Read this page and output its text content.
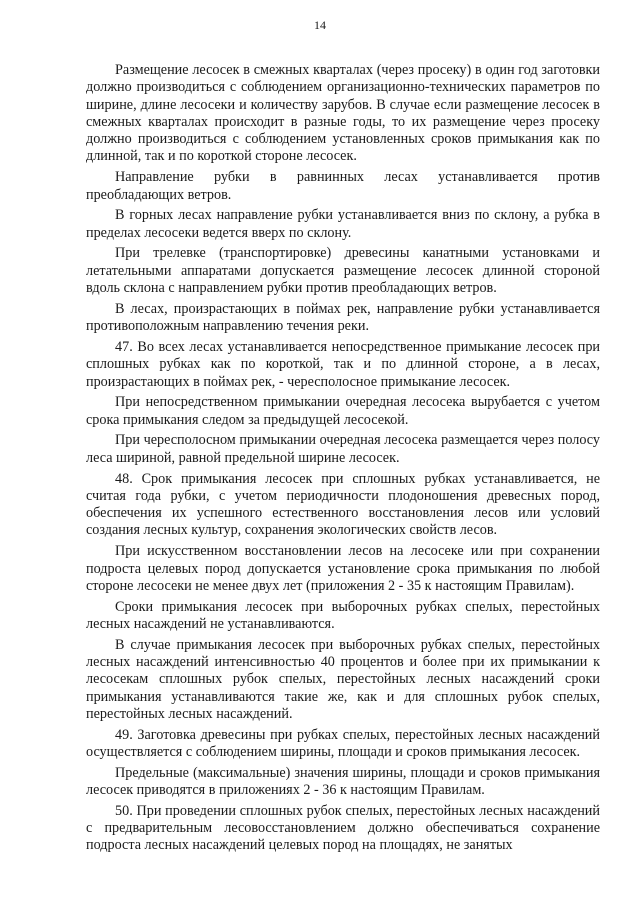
14

Размещение лесосек в смежных кварталах (через просеку) в один год заготовки должно производиться с соблюдением организационно-технических параметров по ширине, длине лесосеки и количеству зарубов. В случае если размещение лесосек в смежных кварталах происходит в разные годы, то их размещение через просеку должно производиться с соблюдением установленных сроков примыкания как по длинной, так и по короткой стороне лесосек.

Направление рубки в равнинных лесах устанавливается против преобладающих ветров.

В горных лесах направление рубки устанавливается вниз по склону, а рубка в пределах лесосеки ведется вверх по склону.

При трелевке (транспортировке) древесины канатными установками и летательными аппаратами допускается размещение лесосек длинной стороной вдоль склона с направлением рубки против преобладающих ветров.

В лесах, произрастающих в поймах рек, направление рубки устанавливается противоположным направлению течения реки.

47. Во всех лесах устанавливается непосредственное примыкание лесосек при сплошных рубках как по короткой, так и по длинной стороне, а в лесах, произрастающих в поймах рек, - чересполосное примыкание лесосек.

При непосредственном примыкании очередная лесосека вырубается с учетом срока примыкания следом за предыдущей лесосекой.

При чересполосном примыкании очередная лесосека размещается через полосу леса шириной, равной предельной ширине лесосек.

48. Срок примыкания лесосек при сплошных рубках устанавливается, не считая года рубки, с учетом периодичности плодоношения древесных пород, обеспечения их успешного естественного восстановления лесов или условий создания лесных культур, сохранения экологических свойств лесов.

При искусственном восстановлении лесов на лесосеке или при сохранении подроста целевых пород допускается установление срока примыкания по любой стороне лесосеки не менее двух лет (приложения 2 - 35 к настоящим Правилам).

Сроки примыкания лесосек при выборочных рубках спелых, перестойных лесных насаждений не устанавливаются.

В случае примыкания лесосек при выборочных рубках спелых, перестойных лесных насаждений интенсивностью 40 процентов и более при их примыкании к лесосекам сплошных рубок спелых, перестойных лесных насаждений сроки примыкания устанавливаются такие же, как и для сплошных рубок спелых, перестойных лесных насаждений.

49. Заготовка древесины при рубках спелых, перестойных лесных насаждений осуществляется с соблюдением ширины, площади и сроков примыкания лесосек.

Предельные (максимальные) значения ширины, площади и сроков примыкания лесосек приводятся в приложениях 2 - 36 к настоящим Правилам.

50. При проведении сплошных рубок спелых, перестойных лесных насаждений с предварительным лесовосстановлением должно обеспечиваться сохранение подроста лесных насаждений целевых пород на площадях, не занятых
